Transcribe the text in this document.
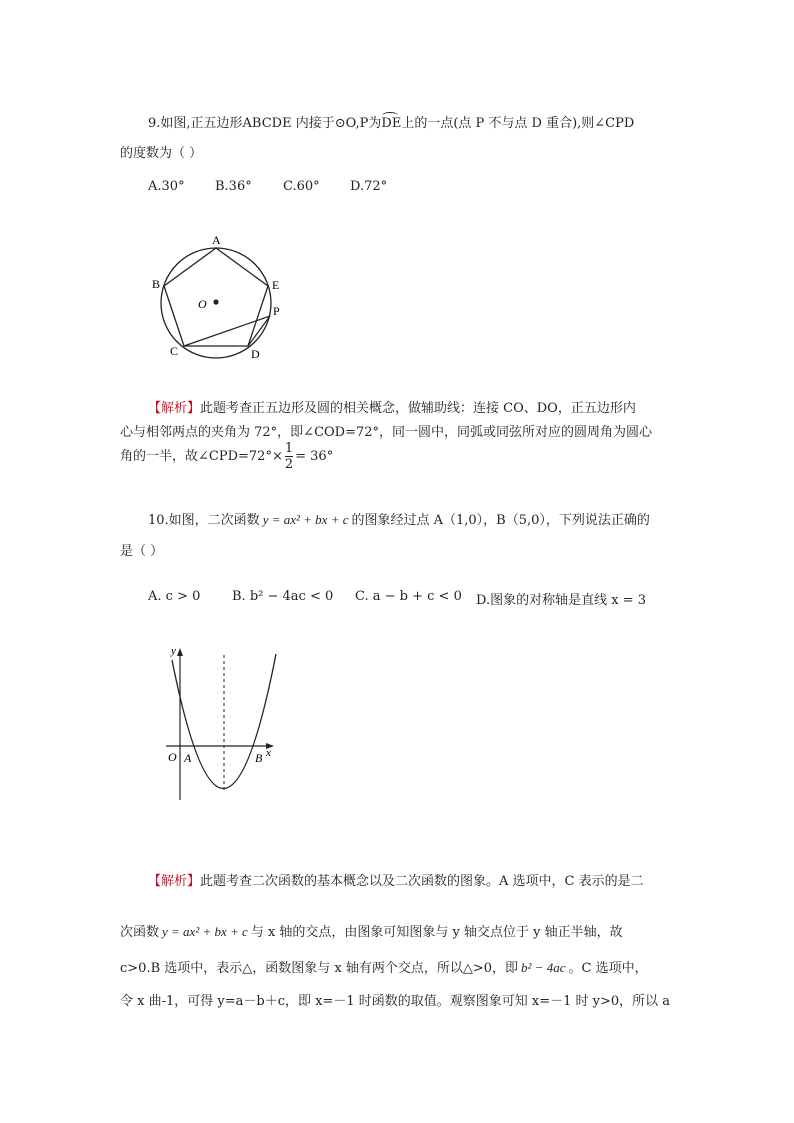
9.如图,正五边形ABCDE 内接于⊙O,P为
DE上的一点(点 P 不与点 D 重合),则∠CPD
的度数为（ ）
A.30° B.36° C.60° D.72°
A
B	E
P
C	D
O
【解析】此题考查正五边形及圆的相关概念，做辅助线：连接 CO、DO，正五边形内
心与相邻两点的夹角为 72°，即∠COD=72°，同一圆中，同弧或同弦所对应的圆周角为圆心
角的一半，故∠CPD=72°× $\frac{1}{2} = 36^\circ$
10.如图，二次函数 y = ax² + bx + c 的图象经过点 A（1,0），B（5,0），下列说法正确的
是（ ）
A. c > 0 B. b² − 4ac < 0 C. a − b + c < 0 D.图象的对称轴是直线 x = 3
y
x
O A	B
【解析】此题考查二次函数的基本概念以及二次函数的图象。A 选项中，C 表示的是二
次函数 y = ax² + bx + c 与 x 轴的交点，由图象可知图象与 y 轴交点位于 y 轴正半轴，故
c>0.B 选项中，表示△，函数图象与 x 轴有两个交点，所以△>0，即 b² − 4ac 。C 选项中，
令 x 曲-1，可得 y=a－b＋c，即 x=－1 时函数的取值。观察图象可知 x=－1 时 y>0，所以 a
